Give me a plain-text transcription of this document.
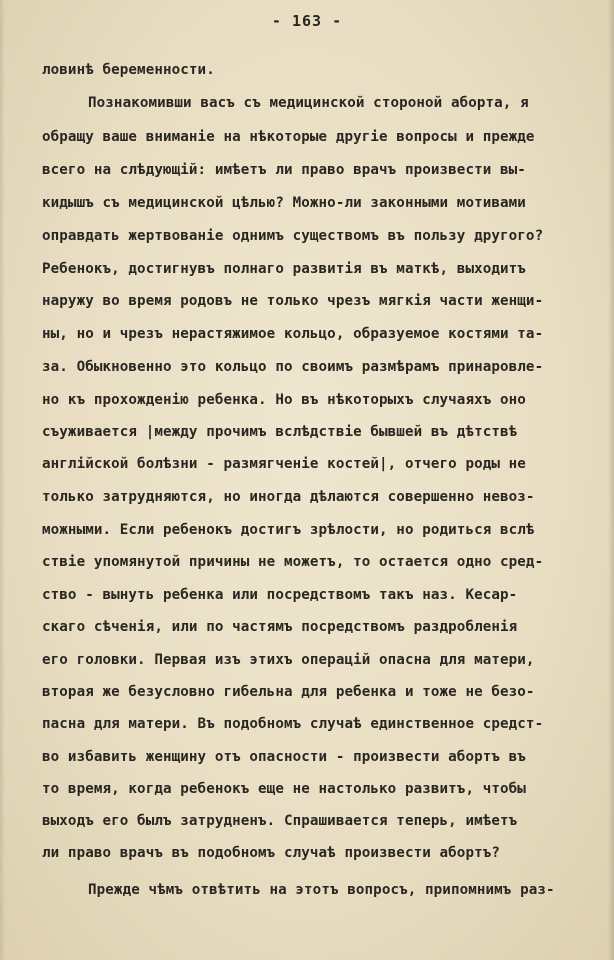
- 163 -
ловинѣ беременности.
Познакомивши васъ съ медицинской стороной аборта, я
обращу ваше вниманіе на нѣкоторые другіе вопросы и прежде
всего на слѣдующій: имѣетъ ли право врачъ произвести вы-
кидышъ съ медицинской цѣлью? Можно-ли законными мотивами
оправдать жертвованіе однимъ существомъ въ пользу другого?
Ребенокъ, достигнувъ полнаго развитія въ маткѣ, выходитъ
наружу во время родовъ не только чрезъ мягкія части женщи-
ны, но и чрезъ нерастяжимое кольцо, образуемое костями та-
за. Обыкновенно это кольцо по своимъ размѣрамъ принаровле-
но къ прохожденію ребенка. Но въ нѣкоторыхъ случаяхъ оно
съуживается |между прочимъ вслѣдствіе бывшей въ дѣтствѣ
англійской болѣзни - размягченіе костей|, отчего роды не
только затрудняются, но иногда дѣлаются совершенно невоз-
можными. Если ребенокъ достигъ зрѣлости, но родиться вслѣ
ствіе упомянутой причины не можетъ, то остается одно сред-
ство - вынуть ребенка или посредствомъ такъ наз. Кесар-
скаго сѣченія, или по частямъ посредствомъ раздробленія
его головки. Первая изъ этихъ операцій опасна для матери,
вторая же безусловно гибельна для ребенка и тоже не безо-
пасна для матери. Въ подобномъ случаѣ единственное средст-
во избавить женщину отъ опасности - произвести абортъ въ
то время, когда ребенокъ еще не настолько развитъ, чтобы
выходъ его былъ затрудненъ. Спрашивается теперь, имѣетъ
ли право врачъ въ подобномъ случаѣ произвести абортъ?
Прежде чѣмъ отвѣтить на этотъ вопросъ, припомнимъ раз-
